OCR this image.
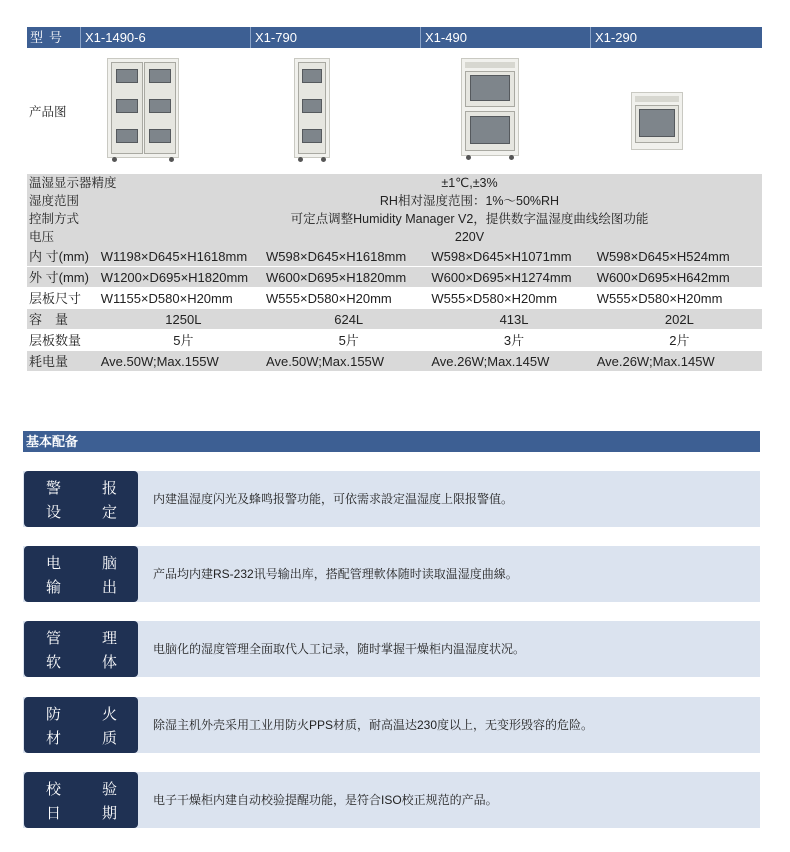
型号	X1-1490-6	X1-790	X1-490	X1-290
产品图
温湿显示器精度	±1℃,±3%
湿度范围	RH相对湿度范围：1%～50%RH
控制方式	可定点调整Humidity Manager V2，提供数字温湿度曲线绘图功能
电压	220V
内 寸(mm) W1198×D645×H1618mm	W598×D645×H1618mm	W598×D645×H1071mm	W598×D645×H524mm
外 寸(mm) W1200×D695×H1820mm	W600×D695×H1820mm	W600×D695×H1274mm	W600×D695×H642mm
层板尺寸	W1155×D580×H20mm	W555×D580×H20mm	W555×D580×H20mm	W555×D580×H20mm
容　量	1250L	624L	413L	202L
层板数量	5片	5片	3片	2片
耗电量	Ave.50W;Max.155W	Ave.50W;Max.155W	Ave.26W;Max.145W	Ave.26W;Max.145W
基本配备
警	报
设	定
内建温湿度闪光及蜂鸣报警功能，可依需求設定温湿度上限报警值。
电	脑
输	出
产品均内建RS-232讯号输出库，搭配管理軟体随时读取温湿度曲線。
管	理
软	体
电脑化的湿度管理全面取代人工记录，随时掌握干燥柜内温湿度状况。
防	火
材	质
除湿主机外壳采用工业用防火PPS材质，耐高温达230度以上，无变形毁容的危险。
校	验
日	期
电子干燥柜内建自动校验提醒功能，是符合ISO校正规范的产品。
